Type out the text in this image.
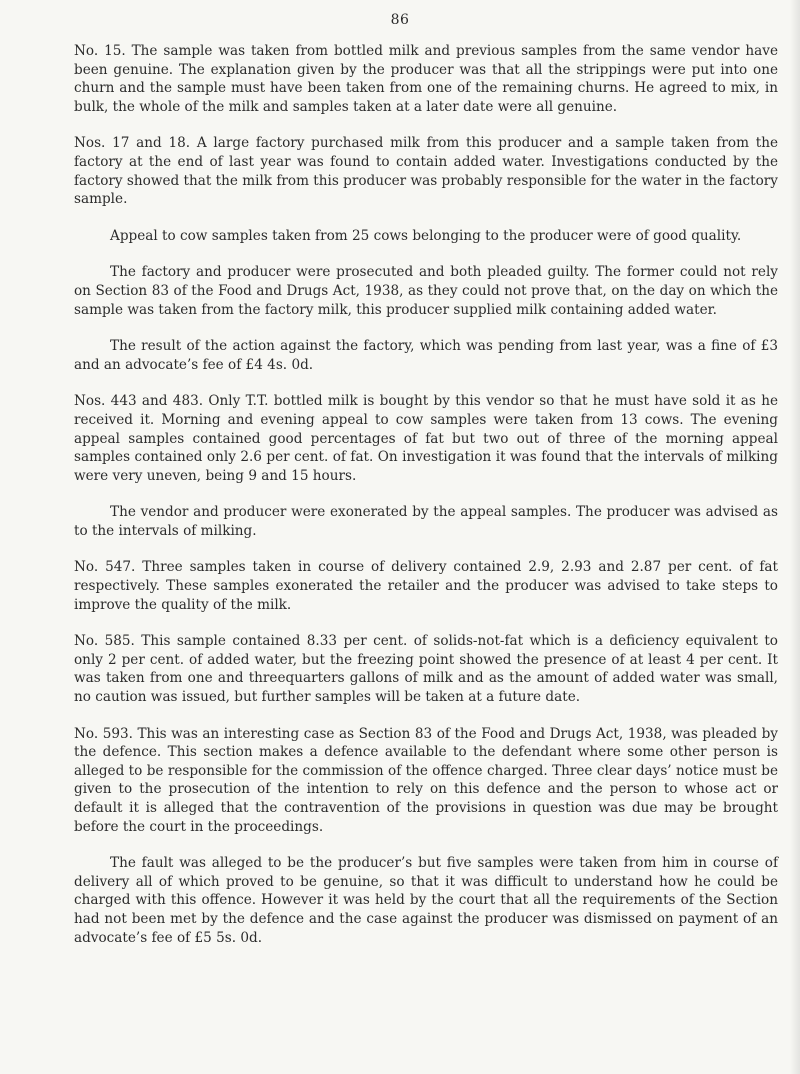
86

No. 15. The sample was taken from bottled milk and previous samples from the same vendor have been genuine. The explanation given by the producer was that all the strippings were put into one churn and the sample must have been taken from one of the remaining churns. He agreed to mix, in bulk, the whole of the milk and samples taken at a later date were all genuine.

Nos. 17 and 18. A large factory purchased milk from this producer and a sample taken from the factory at the end of last year was found to contain added water. Investigations conducted by the factory showed that the milk from this producer was probably responsible for the water in the factory sample.

Appeal to cow samples taken from 25 cows belonging to the producer were of good quality.

The factory and producer were prosecuted and both pleaded guilty. The former could not rely on Section 83 of the Food and Drugs Act, 1938, as they could not prove that, on the day on which the sample was taken from the factory milk, this producer supplied milk containing added water.

The result of the action against the factory, which was pending from last year, was a fine of £3 and an advocate’s fee of £4 4s. 0d.

Nos. 443 and 483. Only T.T. bottled milk is bought by this vendor so that he must have sold it as he received it. Morning and evening appeal to cow samples were taken from 13 cows. The evening appeal samples contained good percentages of fat but two out of three of the morning appeal samples contained only 2.6 per cent. of fat. On investigation it was found that the intervals of milking were very uneven, being 9 and 15 hours.

The vendor and producer were exonerated by the appeal samples. The producer was advised as to the intervals of milking.

No. 547. Three samples taken in course of delivery contained 2.9, 2.93 and 2.87 per cent. of fat respectively. These samples exonerated the retailer and the producer was advised to take steps to improve the quality of the milk.

No. 585. This sample contained 8.33 per cent. of solids-not-fat which is a deficiency equivalent to only 2 per cent. of added water, but the freezing point showed the presence of at least 4 per cent. It was taken from one and threequarters gallons of milk and as the amount of added water was small, no caution was issued, but further samples will be taken at a future date.

No. 593. This was an interesting case as Section 83 of the Food and Drugs Act, 1938, was pleaded by the defence. This section makes a defence available to the defendant where some other person is alleged to be responsible for the commission of the offence charged. Three clear days’ notice must be given to the prosecution of the intention to rely on this defence and the person to whose act or default it is alleged that the contravention of the provisions in question was due may be brought before the court in the proceedings.

The fault was alleged to be the producer’s but five samples were taken from him in course of delivery all of which proved to be genuine, so that it was difficult to understand how he could be charged with this offence. However it was held by the court that all the requirements of the Section had not been met by the defence and the case against the producer was dismissed on payment of an advocate’s fee of £5 5s. 0d.
